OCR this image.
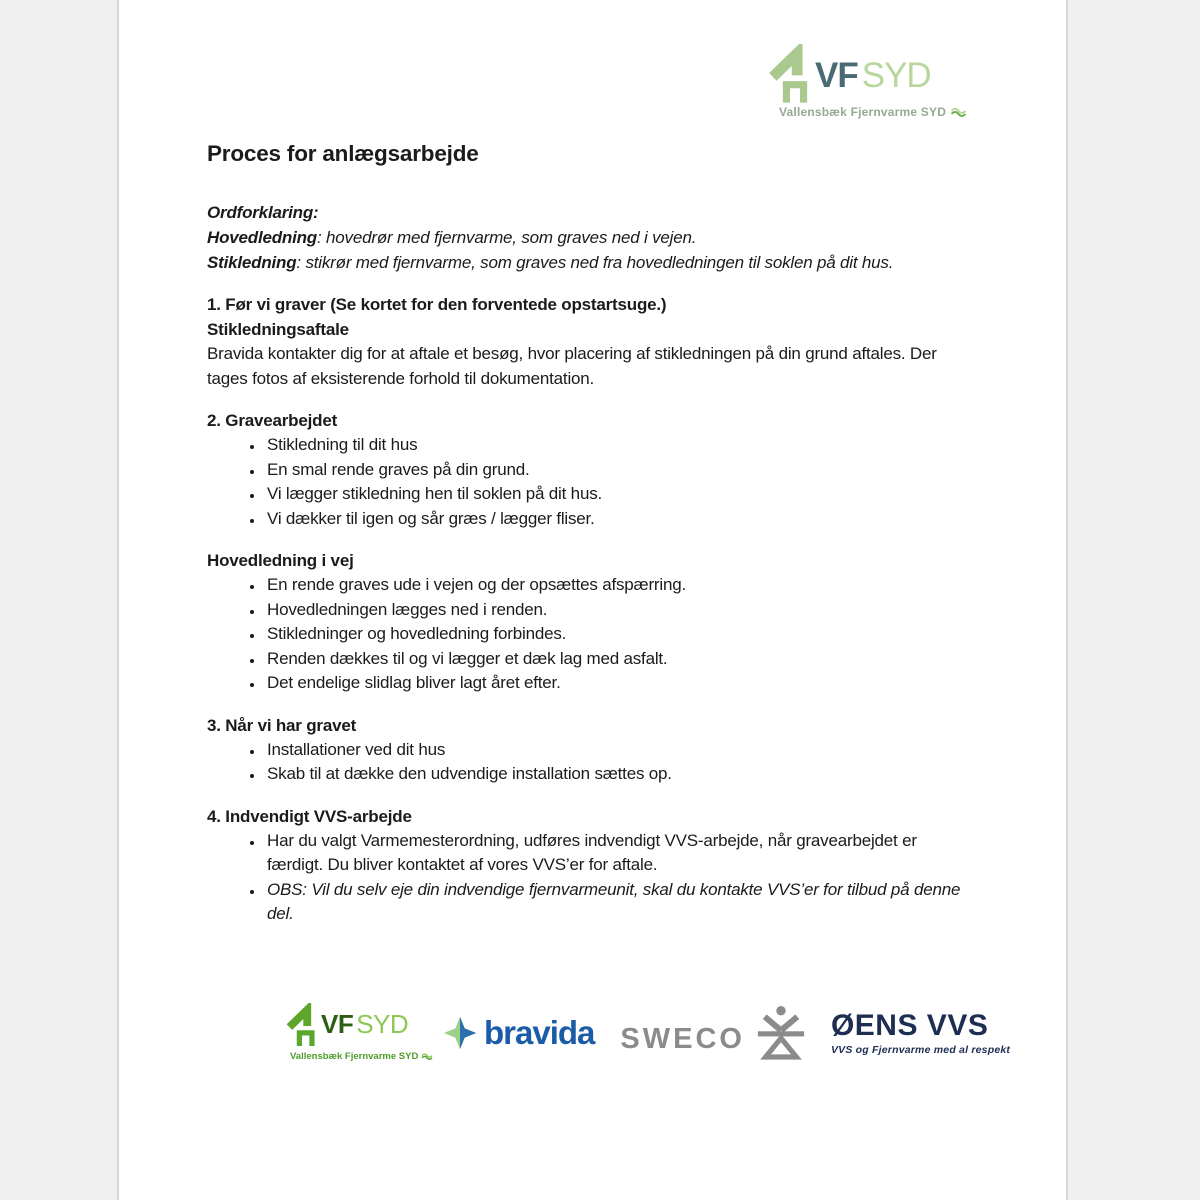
VF SYD
Vallensbæk Fjernvarme SYD
Proces for anlægsarbejde

Ordforklaring:

Hovedledning: hovedrør med fjernvarme, som graves ned i vejen.

Stikledning: stikrør med fjernvarme, som graves ned fra hovedledningen til soklen på dit hus.

1. Før vi graver (Se kortet for den forventede opstartsuge.)

Stikledningsaftale

Bravida kontakter dig for at aftale et besøg, hvor placering af stikledningen på din grund aftales. Der tages fotos af eksisterende forhold til dokumentation.

2. Gravearbejdet

• Stikledning til dit hus
• En smal rende graves på din grund.
• Vi lægger stikledning hen til soklen på dit hus.
• Vi dækker til igen og sår græs / lægger fliser.

Hovedledning i vej

• En rende graves ude i vejen og der opsættes afspærring.
• Hovedledningen lægges ned i renden.
• Stikledninger og hovedledning forbindes.
• Renden dækkes til og vi lægger et dæk lag med asfalt.
• Det endelige slidlag bliver lagt året efter.

3. Når vi har gravet

• Installationer ved dit hus
• Skab til at dække den udvendige installation sættes op.

4. Indvendigt VVS-arbejde

• Har du valgt Varmemesterordning, udføres indvendigt VVS-arbejde, når gravearbejdet er færdigt. Du bliver kontaktet af vores VVS’er for aftale.
• OBS: Vil du selv eje din indvendige fjernvarmeunit, skal du kontakte VVS’er for tilbud på denne del.
VF SYD
Vallensbæk Fjernvarme SYD
bravida SWECO	ØENS VVS
VVS og Fjernvarme med al respekt
